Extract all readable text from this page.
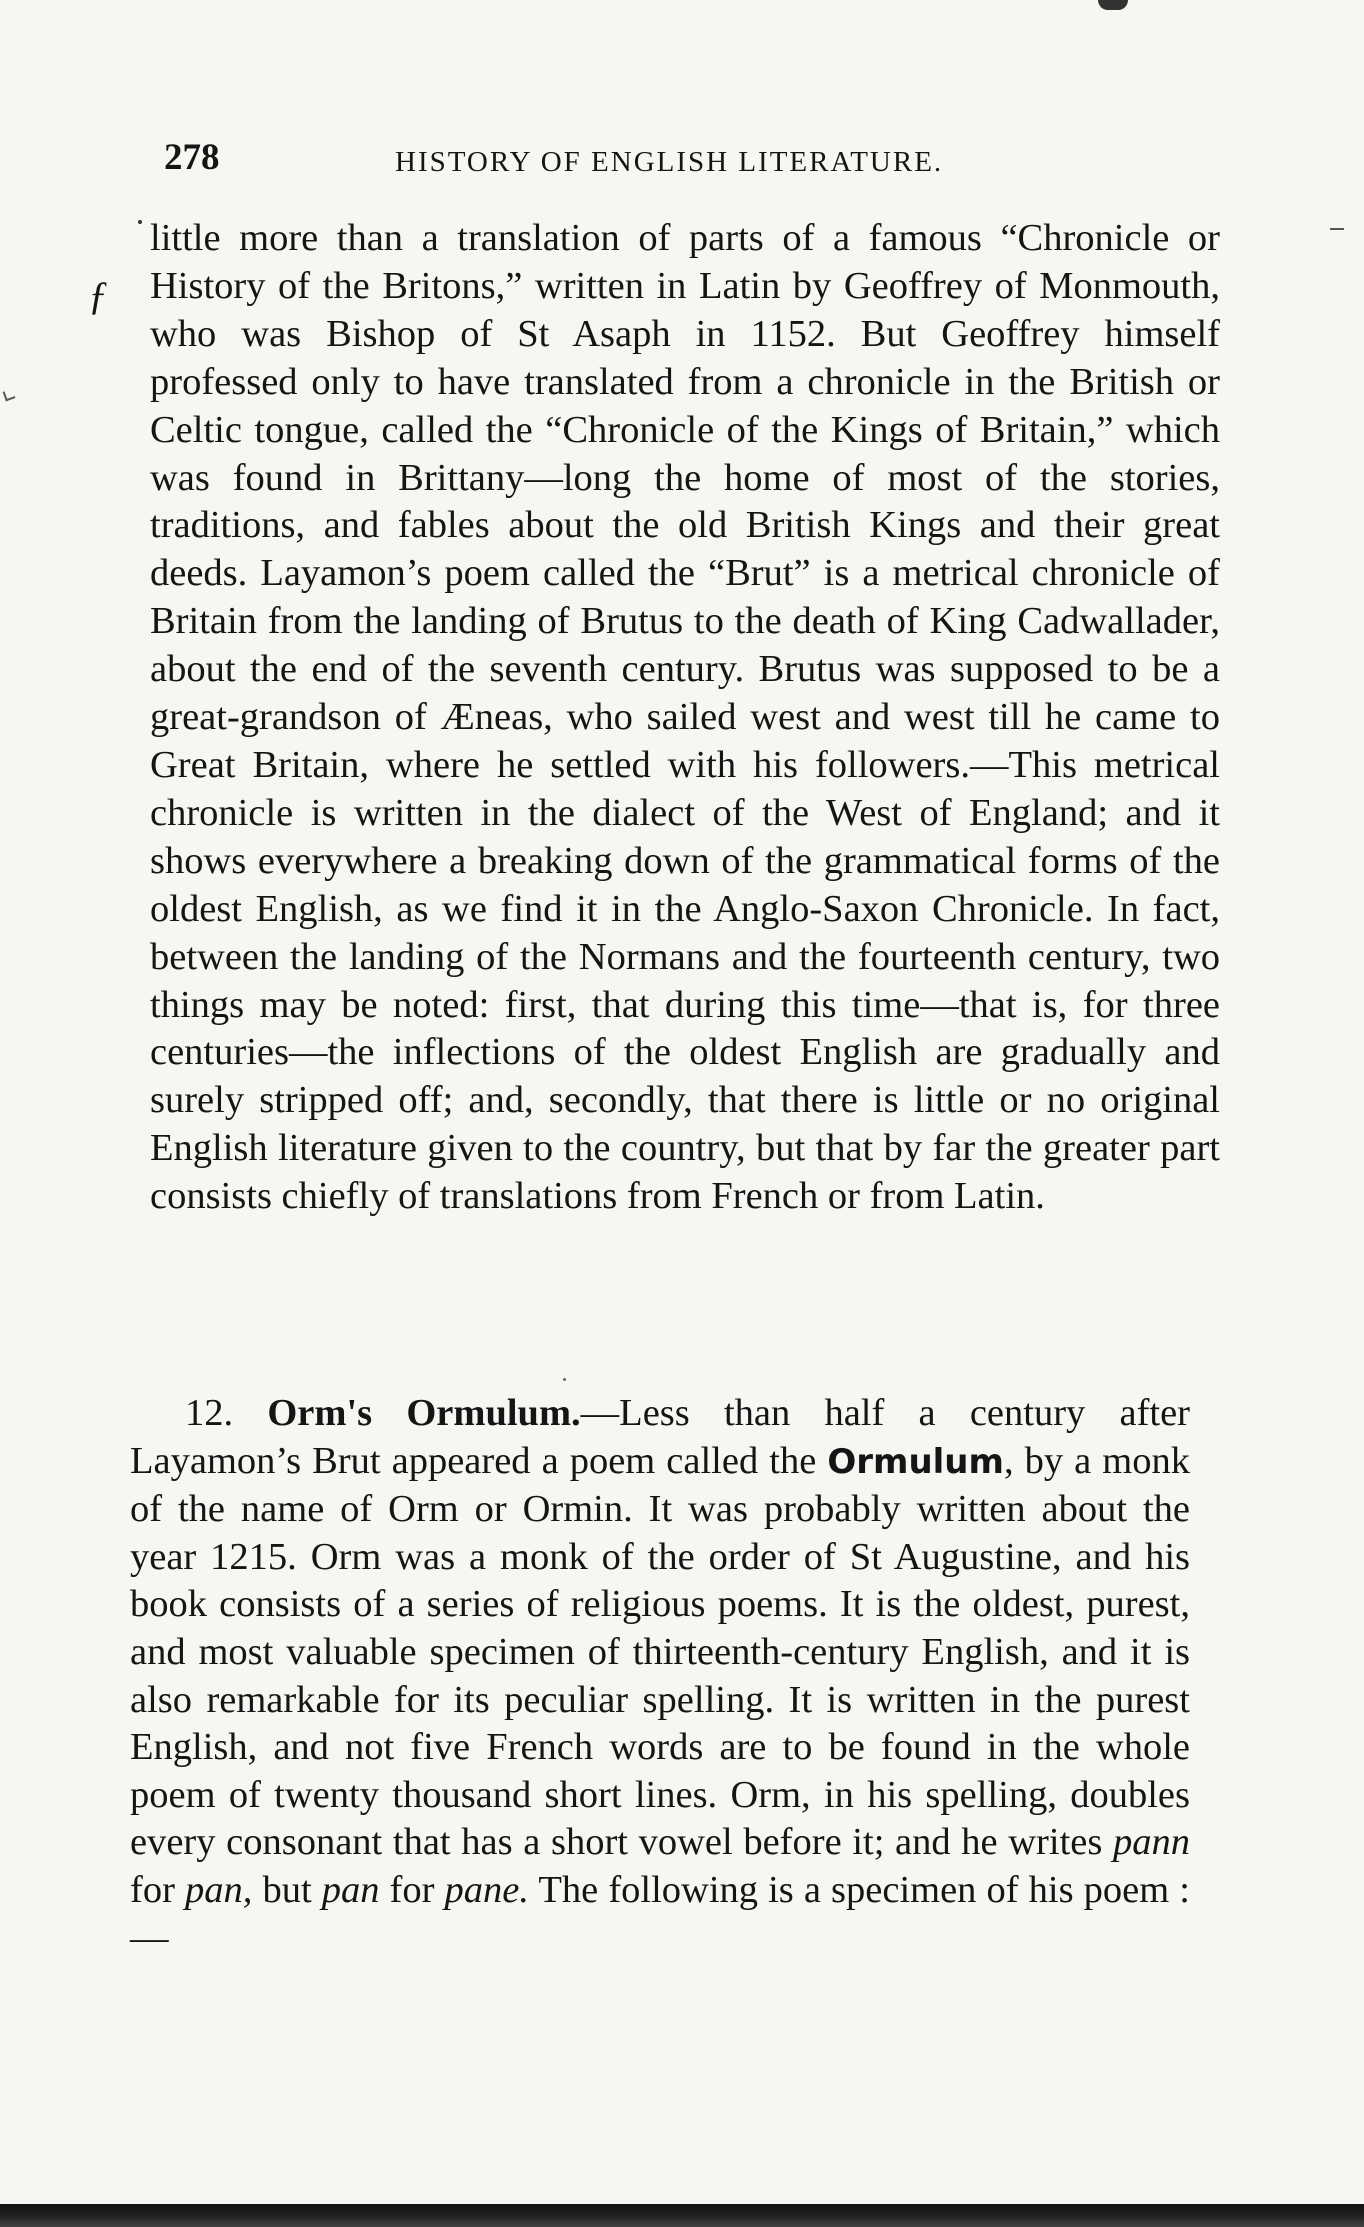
ƒ
278	HISTORY OF ENGLISH LITERATURE.

little more than a translation of parts of a famous “Chronicle or History of the Britons,” written in Latin by Geoffrey of Monmouth, who was Bishop of St Asaph in 1152. But Geoffrey himself professed only to have translated from a chronicle in the British or Celtic tongue, called the “Chronicle of the Kings of Britain,” which was found in Brittany—long the home of most of the stories, traditions, and fables about the old British Kings and their great deeds. Layamon’s poem called the “Brut” is a metrical chronicle of Britain from the landing of Brutus to the death of King Cadwallader, about the end of the seventh century. Brutus was supposed to be a great-grandson of Æneas, who sailed west and west till he came to Great Britain, where he settled with his followers.—This metrical chronicle is written in the dialect of the West of England; and it shows everywhere a breaking down of the grammatical forms of the oldest English, as we find it in the Anglo-Saxon Chronicle. In fact, between the landing of the Normans and the fourteenth century, two things may be noted: first, that during this time—that is, for three centuries—the inflections of the oldest English are gradually and surely stripped off; and, secondly, that there is little or no original English literature given to the country, but that by far the greater part consists chiefly of translations from French or from Latin.

12. Orm's Ormulum.—Less than half a century after Layamon’s Brut appeared a poem called the Ormulum, by a monk of the name of Orm or Ormin. It was probably written about the year 1215. Orm was a monk of the order of St Augustine, and his book consists of a series of religious poems. It is the oldest, purest, and most valuable specimen of thirteenth-century English, and it is also remarkable for its peculiar spelling. It is written in the purest English, and not five French words are to be found in the whole poem of twenty thousand short lines. Orm, in his spelling, doubles every consonant that has a short vowel before it; and he writes pann for pan, but pan for pane. The following is a specimen of his poem :—
